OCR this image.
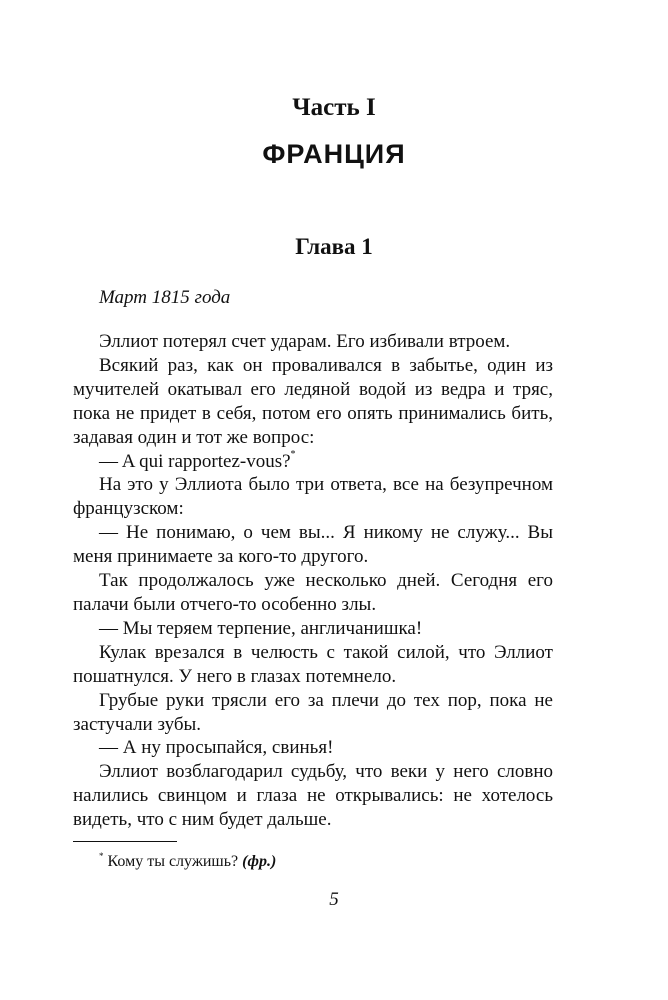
Часть I
ФРАНЦИЯ
Глава 1
Март 1815 года

Эллиот потерял счет ударам. Его избивали втроем.

Всякий раз, как он проваливался в забытье, один из мучителей окатывал его ледяной водой из ведра и тряс, пока не придет в себя, потом его опять принимались бить, задавая один и тот же вопрос:

— A qui rapportez-vous?*

На это у Эллиота было три ответа, все на безупречном французском:

— Не понимаю, о чем вы... Я никому не служу... Вы меня принимаете за кого-то другого.

Так продолжалось уже несколько дней. Сегодня его палачи были отчего-то особенно злы.

— Мы теряем терпение, англичанишка!

Кулак врезался в челюсть с такой силой, что Эллиот пошатнулся. У него в глазах потемнело.

Грубые руки трясли его за плечи до тех пор, пока не застучали зубы.

— А ну просыпайся, свинья!

Эллиот возблагодарил судьбу, что веки у него словно налились свинцом и глаза не открывались: не хотелось видеть, что с ним будет дальше.

* Кому ты служишь? (фр.)
5
